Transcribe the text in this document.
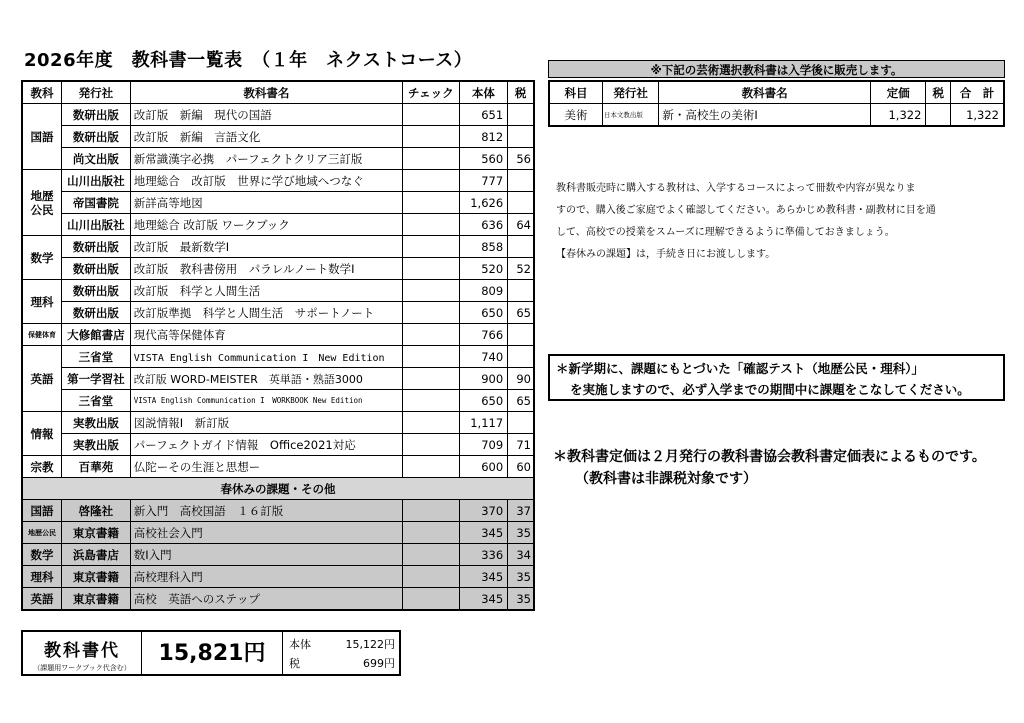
2026年度　教科書一覧表　（１年　ネクストコース）
教科	発行社	教科書名	チェック	本体	税
国語	数研出版	改訂版　新編　現代の国語		651	
	数研出版	改訂版　新編　言語文化		812	
	尚文出版	新常識漢字必携　パーフェクトクリア三訂版		560	56
地歴公民	山川出版社	地理総合　改訂版　世界に学び地域へつなぐ		777	
	帝国書院	新詳高等地図		1,626	
	山川出版社	地理総合 改訂版 ワークブック		636	64
数学	数研出版	改訂版　最新数学Ⅰ		858	
	数研出版	改訂版　教科書傍用　パラレルノート数学Ⅰ		520	52
理科	数研出版	改訂版　科学と人間生活		809	
	数研出版	改訂版準拠　科学と人間生活　サポートノート		650	65
保健体育	大修館書店	現代高等保健体育		766	
英語	三省堂	VISTA English Communication I　New Edition		740	
	第一学習社	改訂版 WORD-MEISTER　英単語・熟語3000		900	90
	三省堂	VISTA English Communication I　WORKBOOK New Edition		650	65
情報	実教出版	図説情報Ⅰ　新訂版		1,117	
	実教出版	パーフェクトガイド情報　Office2021対応		709	71
宗教	百華苑	仏陀ーその生涯と思想ー		600	60
春休みの課題・その他					
国語	啓隆社	新入門　高校国語　１６訂版		370	37
地歴公民	東京書籍	高校社会入門		345	35
数学	浜島書店	数Ⅰ入門		336	34
理科	東京書籍	高校理科入門		345	35
英語	東京書籍	高校　英語へのステップ		345	35
教科書代
（課題用ワークブック代含む）
15,821円	本体	15,122円
税	699円
※下記の芸術選択教科書は入学後に販売します。
科目	発行社	教科書名	定価	税	合　計
美術	日本文教出版	新・高校生の美術Ⅰ	1,322		1,322

教科書販売時に購入する教材は、入学するコースによって冊数や内容が異なりま

すので、購入後ご家庭でよく確認してください。あらかじめ教科書・副教材に目を通

して、高校での授業をスムーズに理解できるように準備しておきましょう。

【春休みの課題】は，手続き日にお渡しします。

＊新学期に、課題にもとづいた「確認テスト（地歴公民・理科）」

を実施しますので、必ず入学までの期間中に課題をこなしてください。

＊教科書定価は２月発行の教科書協会教科書定価表によるものです。

（教科書は非課税対象です）
